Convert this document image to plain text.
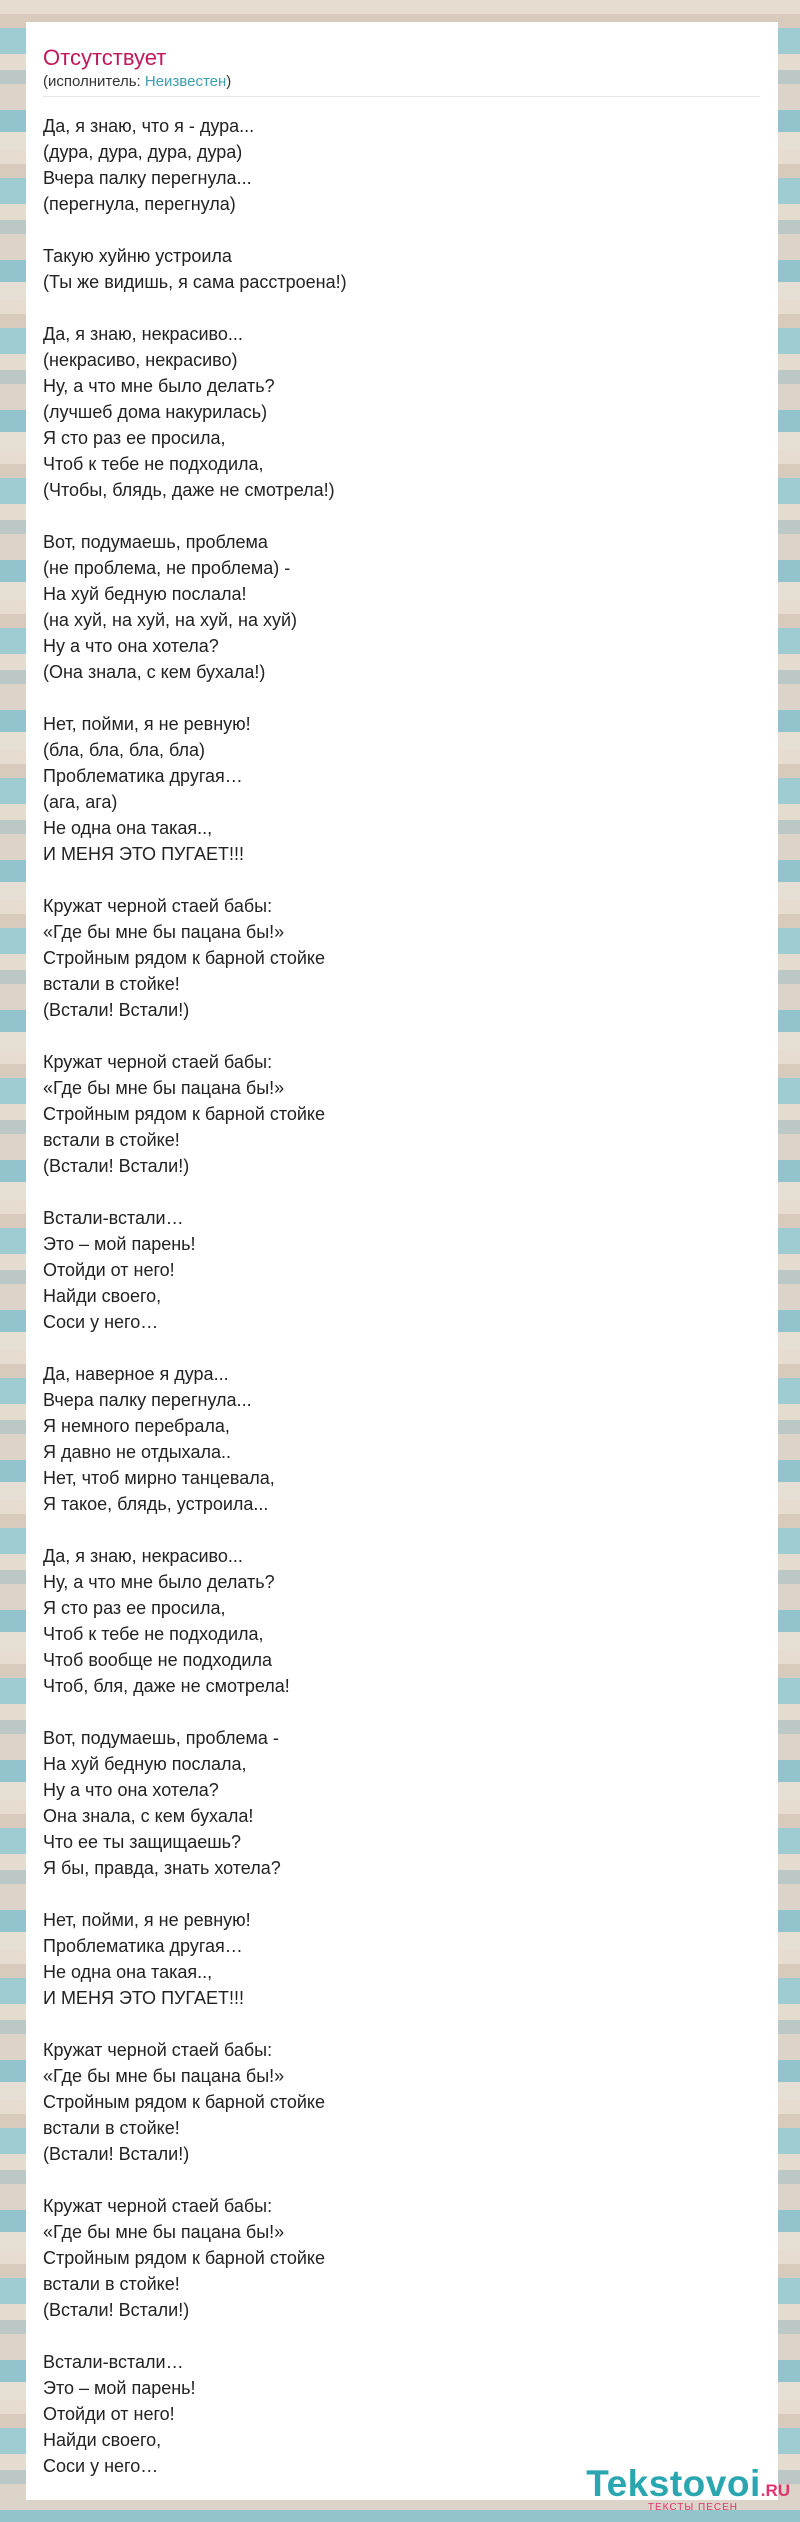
Отсутствует
(исполнитель: Неизвестен)
Да, я знаю, что я - дура...
(дура, дура, дура, дура)
Вчера палку перегнула...
(перегнула, перегнула)
Такую хуйню устроила
(Ты же видишь, я сама расстроена!)
Да, я знаю, некрасиво...
(некрасиво, некрасиво)
Ну, а что мне было делать?
(лучшеб дома накурилась)
Я сто раз ее просила,
Чтоб к тебе не подходила,
(Чтобы, блядь, даже не смотрела!)
Вот, подумаешь, проблема
(не проблема, не проблема) -
На хуй бедную послала!
(на хуй, на хуй, на хуй, на хуй)
Ну а что она хотела?
(Она знала, с кем бухала!)
Нет, пойми, я не ревную!
(бла, бла, бла, бла)
Проблематика другая…
(ага, ага)
Не одна она такая..,
И МЕНЯ ЭТО ПУГАЕТ!!!
Кружат черной стаей бабы:
«Где бы мне бы пацана бы!»
Стройным рядом к барной стойке
встали в стойке!
(Встали! Встали!)
Кружат черной стаей бабы:
«Где бы мне бы пацана бы!»
Стройным рядом к барной стойке
встали в стойке!
(Встали! Встали!)
Встали-встали…
Это – мой парень!
Отойди от него!
Найди своего,
Соси у него…
Да, наверное я дура...
Вчера палку перегнула...
Я немного перебрала,
Я давно не отдыхала..
Нет, чтоб мирно танцевала,
Я такое, блядь, устроила...
Да, я знаю, некрасиво...
Ну, а что мне было делать?
Я сто раз ее просила,
Чтоб к тебе не подходила,
Чтоб вообще не подходила
Чтоб, бля, даже не смотрела!
Вот, подумаешь, проблема -
На хуй бедную послала,
Ну а что она хотела?
Она знала, с кем бухала!
Что ее ты защищаешь?
Я бы, правда, знать хотела?
Нет, пойми, я не ревную!
Проблематика другая…
Не одна она такая..,
И МЕНЯ ЭТО ПУГАЕТ!!!
Кружат черной стаей бабы:
«Где бы мне бы пацана бы!»
Стройным рядом к барной стойке
встали в стойке!
(Встали! Встали!)
Кружат черной стаей бабы:
«Где бы мне бы пацана бы!»
Стройным рядом к барной стойке
встали в стойке!
(Встали! Встали!)
Встали-встали…
Это – мой парень!
Отойди от него!
Найди своего,
Соси у него…	Tekstovoi.RU
ТЕКСТЫ ПЕСЕН
